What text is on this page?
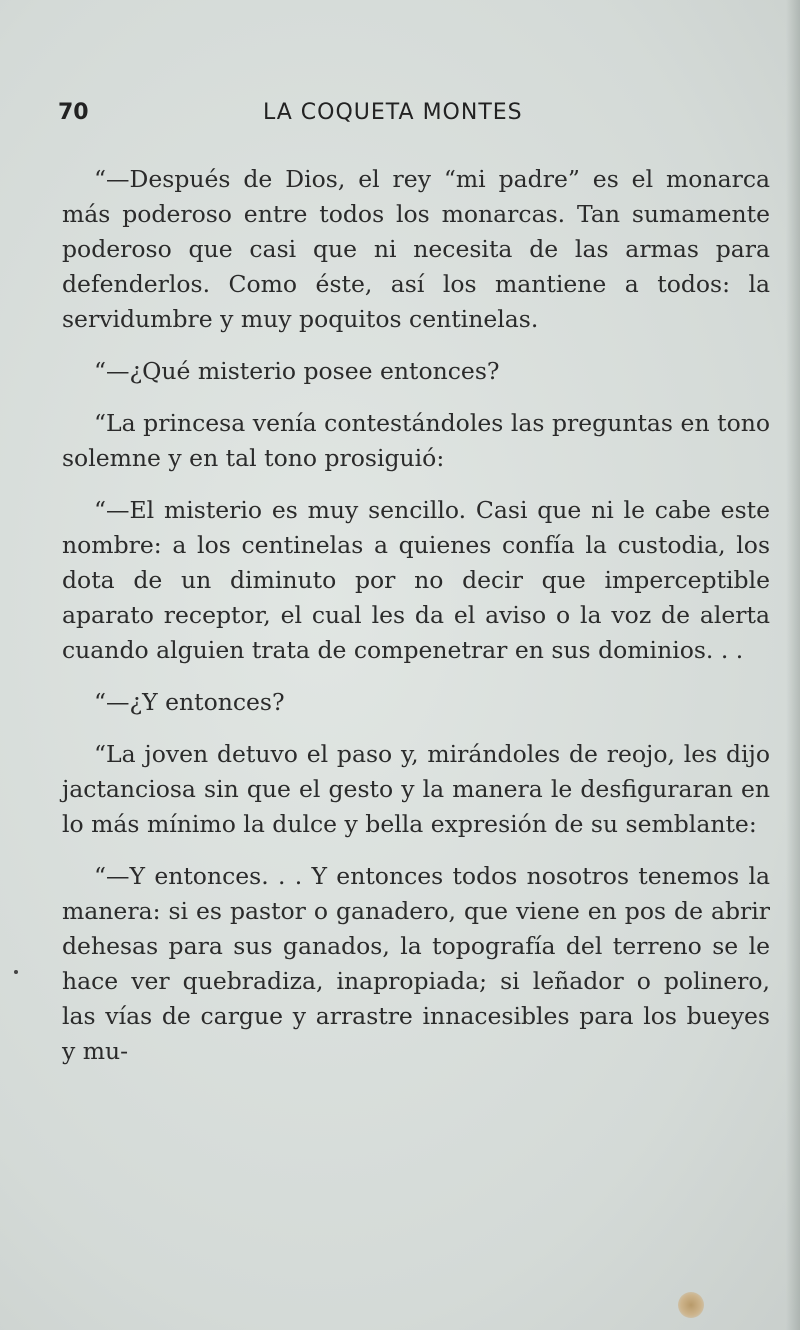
70	LA COQUETA MONTES

“—Después de Dios, el rey “mi padre” es el monarca más poderoso entre todos los monarcas. Tan sumamente poderoso que casi que ni necesita de las armas para defenderlos. Como éste, así los mantiene a todos: la servidumbre y muy poquitos centinelas.

“—¿Qué misterio posee entonces?

“La princesa venía contestándoles las preguntas en tono solemne y en tal tono prosiguió:

“—El misterio es muy sencillo. Casi que ni le cabe este nombre: a los centinelas a quienes confía la custodia, los dota de un diminuto por no decir que imperceptible aparato receptor, el cual les da el aviso o la voz de alerta cuando alguien trata de compenetrar en sus dominios. . .

“—¿Y entonces?

“La joven detuvo el paso y, mirándoles de reojo, les dijo jactanciosa sin que el gesto y la manera le desfiguraran en lo más mínimo la dulce y bella expresión de su semblante:

“—Y entonces. . . Y entonces todos nosotros tenemos la manera: si es pastor o ganadero, que viene en pos de abrir dehesas para sus ganados, la topografía del terreno se le hace ver quebradiza, inapropiada; si leñador o polinero, las vías de cargue y arrastre innacesibles para los bueyes y mu-
